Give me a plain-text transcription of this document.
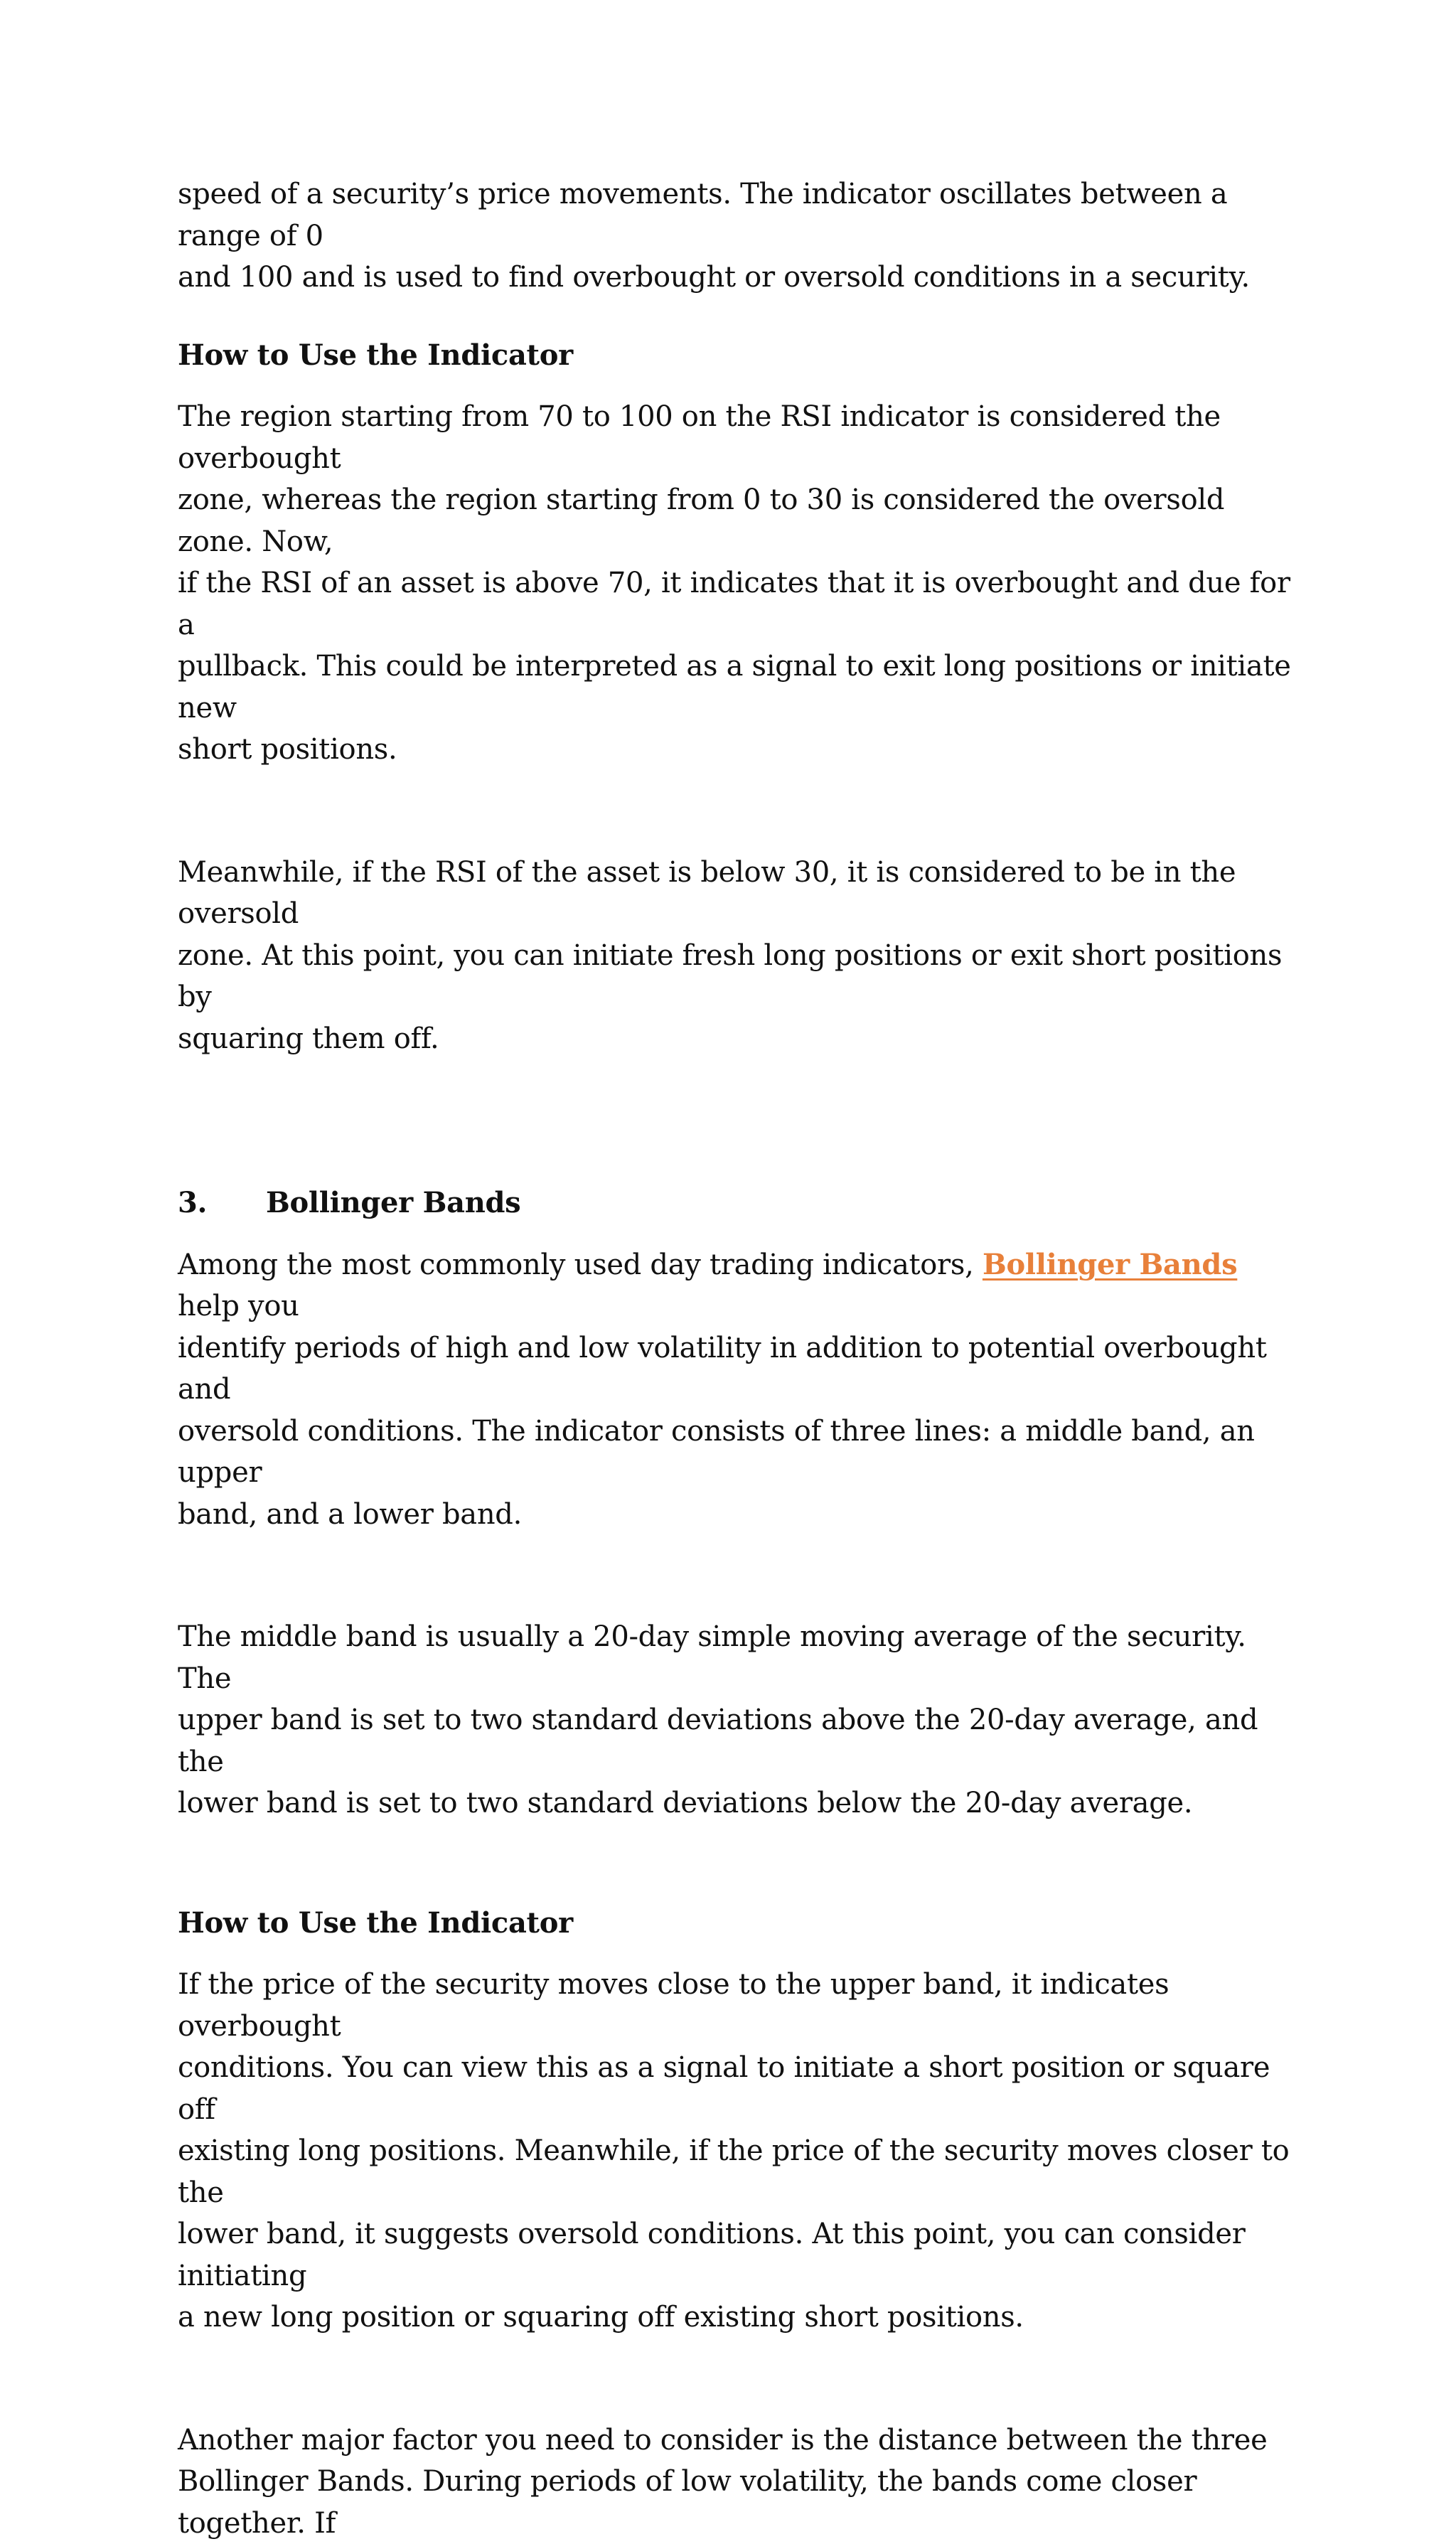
speed of a security’s price movements. The indicator oscillates between a range of 0
and 100 and is used to find overbought or oversold conditions in a security.

How to Use the Indicator

The region starting from 70 to 100 on the RSI indicator is considered the overbought
zone, whereas the region starting from 0 to 30 is considered the oversold zone. Now,
if the RSI of an asset is above 70, it indicates that it is overbought and due for a
pullback. This could be interpreted as a signal to exit long positions or initiate new
short positions.

Meanwhile, if the RSI of the asset is below 30, it is considered to be in the oversold
zone. At this point, you can initiate fresh long positions or exit short positions by
squaring them off.

3. Bollinger Bands

Among the most commonly used day trading indicators, Bollinger Bands help you
identify periods of high and low volatility in addition to potential overbought and
oversold conditions. The indicator consists of three lines: a middle band, an upper
band, and a lower band.

The middle band is usually a 20-day simple moving average of the security. The
upper band is set to two standard deviations above the 20-day average, and the
lower band is set to two standard deviations below the 20-day average.

How to Use the Indicator

If the price of the security moves close to the upper band, it indicates overbought
conditions. You can view this as a signal to initiate a short position or square off
existing long positions. Meanwhile, if the price of the security moves closer to the
lower band, it suggests oversold conditions. At this point, you can consider initiating
a new long position or squaring off existing short positions.

Another major factor you need to consider is the distance between the three
Bollinger Bands. During periods of low volatility, the bands come closer together. If
